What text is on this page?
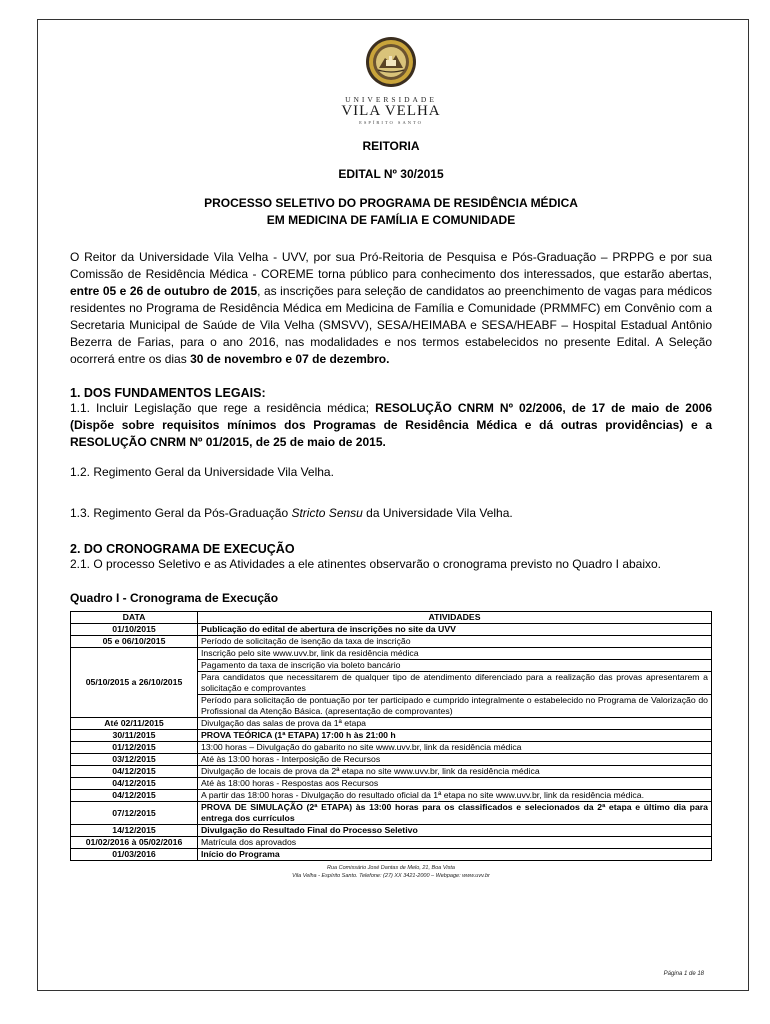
UNIVERSIDADE
VILA VELHA
ESPÍRITO SANTO
REITORIA
EDITAL Nº 30/2015
PROCESSO SELETIVO DO PROGRAMA DE RESIDÊNCIA MÉDICA
EM MEDICINA DE FAMÍLIA E COMUNIDADE

O Reitor da Universidade Vila Velha - UVV, por sua Pró-Reitoria de Pesquisa e Pós-Graduação – PRPPG e por sua Comissão de Residência Médica - COREME torna público para conhecimento dos interessados, que estarão abertas, entre 05 e 26 de outubro de 2015, as inscrições para seleção de candidatos ao preenchimento de vagas para médicos residentes no Programa de Residência Médica em Medicina de Família e Comunidade (PRMMFC) em Convênio com a Secretaria Municipal de Saúde de Vila Velha (SMSVV), SESA/HEIMABA e SESA/HEABF – Hospital Estadual Antônio Bezerra de Farias, para o ano 2016, nas modalidades e nos termos estabelecidos no presente Edital. A Seleção ocorrerá entre os dias 30 de novembro e 07 de dezembro.

1. DOS FUNDAMENTOS LEGAIS:

1.1. Incluir Legislação que rege a residência médica; RESOLUÇÃO CNRM Nº 02/2006, de 17 de maio de 2006 (Dispõe sobre requisitos mínimos dos Programas de Residência Médica e dá outras providências) e a RESOLUÇÃO CNRM Nº 01/2015, de 25 de maio de 2015.

1.2. Regimento Geral da Universidade Vila Velha.

1.3. Regimento Geral da Pós-Graduação Stricto Sensu da Universidade Vila Velha.

2. DO CRONOGRAMA DE EXECUÇÃO

2.1. O processo Seletivo e as Atividades a ele atinentes observarão o cronograma previsto no Quadro I abaixo.

Quadro I - Cronograma de Execução
DATA	ATIVIDADES
01/10/2015	Publicação do edital de abertura de inscrições no site da UVV
05 e 06/10/2015	Período de solicitação de isenção da taxa de inscrição
05/10/2015 a 26/10/2015	Inscrição pelo site www.uvv.br, link da residência médica
	Pagamento da taxa de inscrição via boleto bancário
	Para candidatos que necessitarem de qualquer tipo de atendimento diferenciado para a realização das provas apresentarem a solicitação e comprovantes
	Período para solicitação de pontuação por ter participado e cumprido integralmente o estabelecido no Programa de Valorização do Profissional da Atenção Básica. (apresentação de comprovantes)
Até 02/11/2015	Divulgação das salas de prova da 1ª etapa
30/11/2015	PROVA TEÓRICA (1ª ETAPA) 17:00 h às 21:00 h
01/12/2015	13:00 horas – Divulgação do gabarito no site www.uvv.br, link da residência médica
03/12/2015	Até às 13:00 horas - Interposição de Recursos
04/12/2015	Divulgação de locais de prova da 2ª etapa no site www.uvv.br, link da residência médica
04/12/2015	Até às 18:00 horas - Respostas aos Recursos
04/12/2015	A partir das 18:00 horas - Divulgação do resultado oficial da 1ª etapa no site www.uvv.br, link da residência médica.
07/12/2015	PROVA DE SIMULAÇÃO (2ª ETAPA) às 13:00 horas para os classificados e selecionados da 2ª etapa e último dia para entrega dos currículos
14/12/2015	Divulgação do Resultado Final do Processo Seletivo
01/02/2016 à 05/02/2016	Matrícula dos aprovados
01/03/2016	Início do Programa
Rua Comissário José Dantas de Melo, 21, Boa Vista
Vila Velha - Espírito Santo. Telefone: (27) XX 3421-2000 – Webpage: www.uvv.br
Página 1 de 18
